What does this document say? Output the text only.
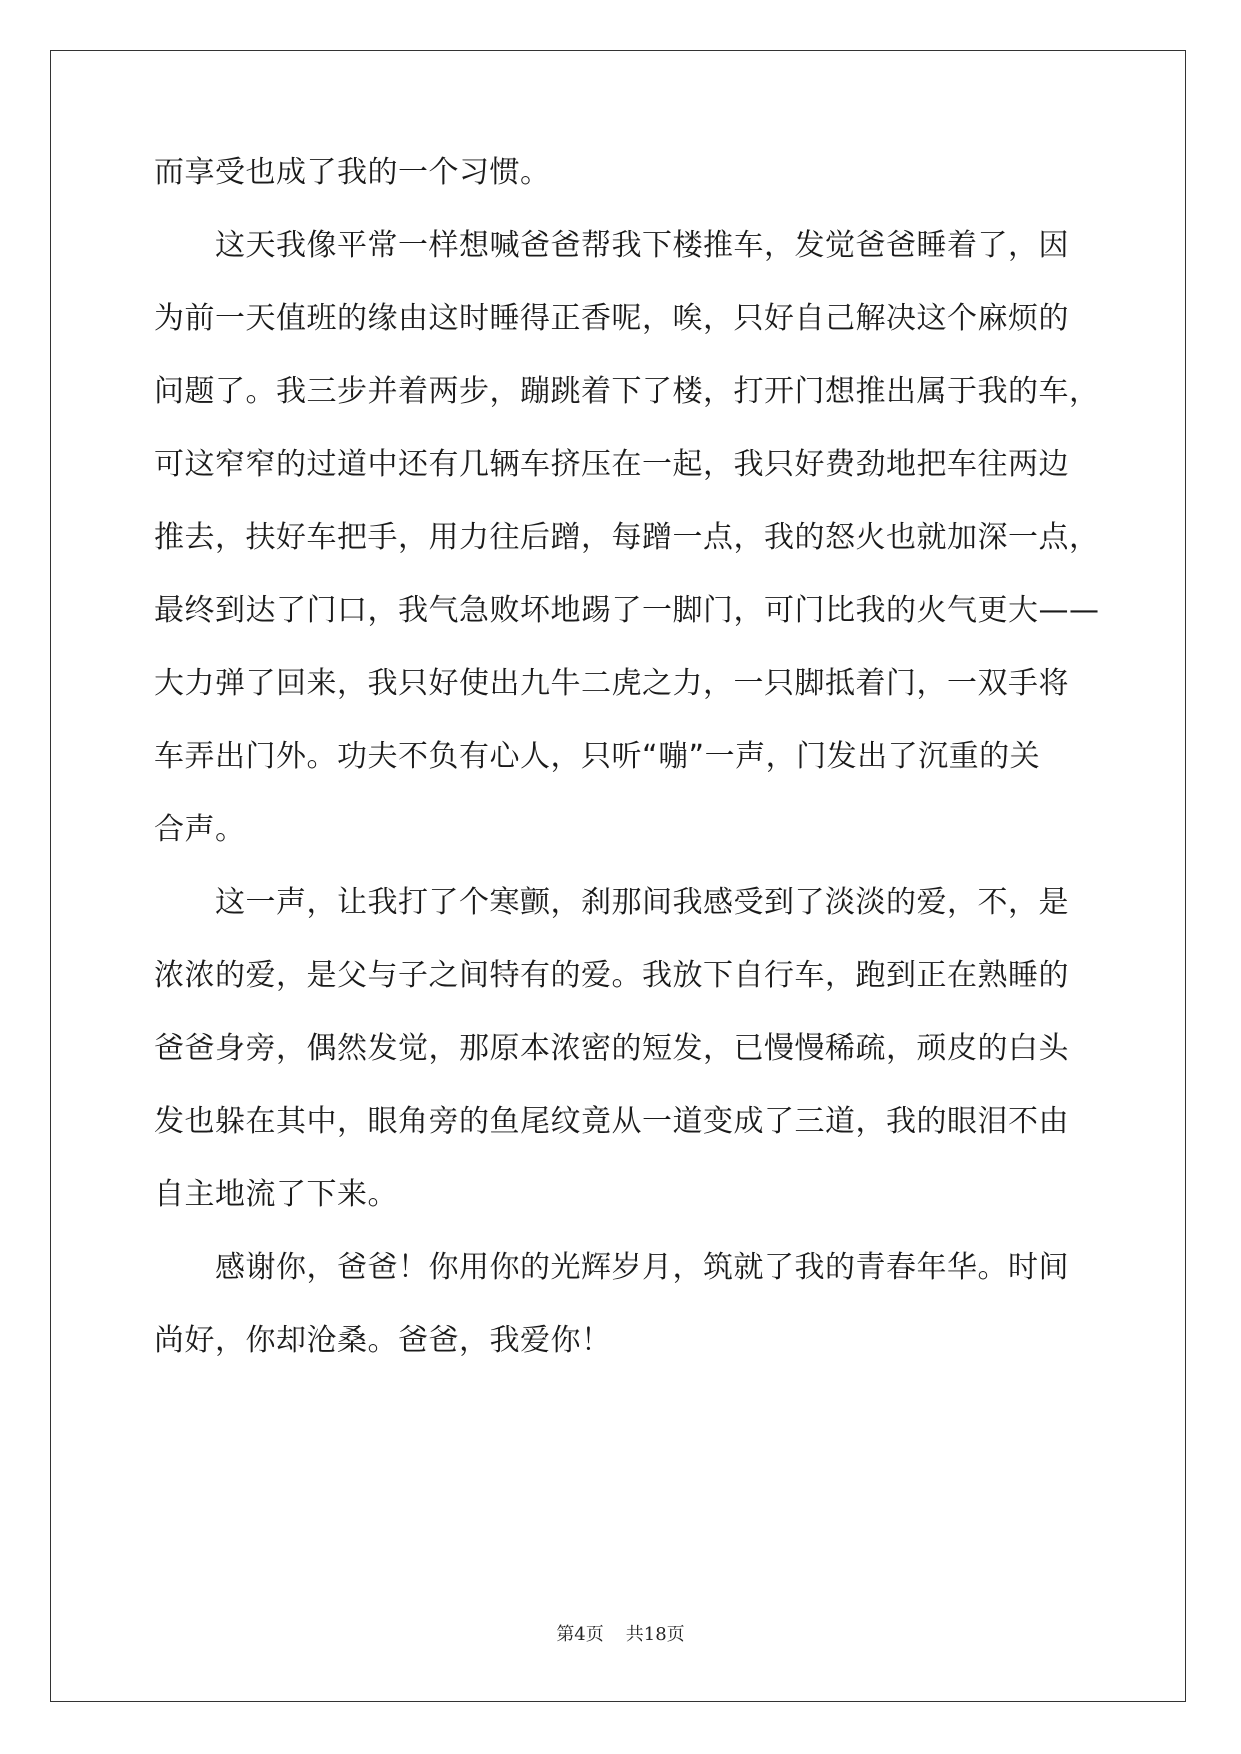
而享受也成了我的一个习惯。
　　这天我像平常一样想喊爸爸帮我下楼推车，发觉爸爸睡着了，因
为前一天值班的缘由这时睡得正香呢，唉，只好自己解决这个麻烦的
问题了。我三步并着两步，蹦跳着下了楼，打开门想推出属于我的车，
可这窄窄的过道中还有几辆车挤压在一起，我只好费劲地把车往两边
推去，扶好车把手，用力往后蹭，每蹭一点，我的怒火也就加深一点，
最终到达了门口，我气急败坏地踢了一脚门，可门比我的火气更大——
大力弹了回来，我只好使出九牛二虎之力，一只脚抵着门，一双手将
车弄出门外。功夫不负有心人，只听“嘣”一声，门发出了沉重的关
合声。
　　这一声，让我打了个寒颤，刹那间我感受到了淡淡的爱，不，是
浓浓的爱，是父与子之间特有的爱。我放下自行车，跑到正在熟睡的
爸爸身旁，偶然发觉，那原本浓密的短发，已慢慢稀疏，顽皮的白头
发也躲在其中，眼角旁的鱼尾纹竟从一道变成了三道，我的眼泪不由
自主地流了下来。
　　感谢你，爸爸！你用你的光辉岁月，筑就了我的青春年华。时间
尚好，你却沧桑。爸爸，我爱你！
第4页 共18页
